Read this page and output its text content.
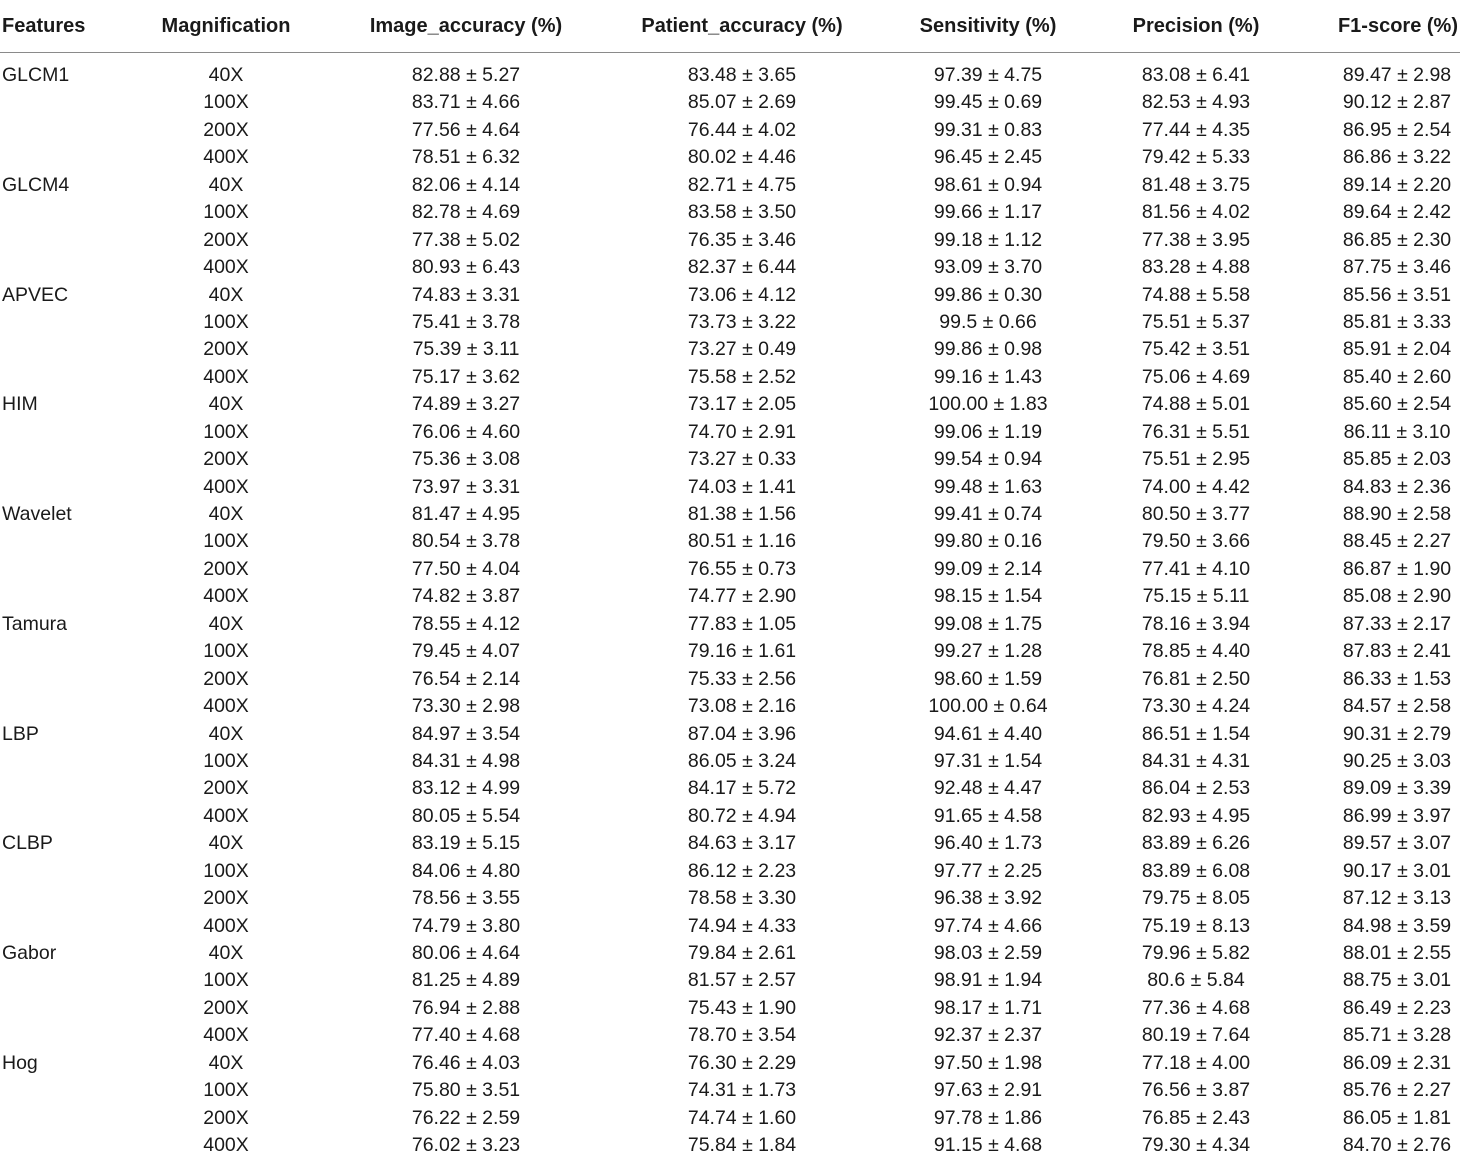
Features	Magnification	Image_accuracy (%)	Patient_accuracy (%)	Sensitivity (%)	Precision (%)	F1-score (%)
GLCM1	40X	82.88 ± 5.27	83.48 ± 3.65	97.39 ± 4.75	83.08 ± 6.41	89.47 ± 2.98
100X	83.71 ± 4.66	85.07 ± 2.69	99.45 ± 0.69	82.53 ± 4.93	90.12 ± 2.87
200X	77.56 ± 4.64	76.44 ± 4.02	99.31 ± 0.83	77.44 ± 4.35	86.95 ± 2.54
400X	78.51 ± 6.32	80.02 ± 4.46	96.45 ± 2.45	79.42 ± 5.33	86.86 ± 3.22
GLCM4	40X	82.06 ± 4.14	82.71 ± 4.75	98.61 ± 0.94	81.48 ± 3.75	89.14 ± 2.20
100X	82.78 ± 4.69	83.58 ± 3.50	99.66 ± 1.17	81.56 ± 4.02	89.64 ± 2.42
200X	77.38 ± 5.02	76.35 ± 3.46	99.18 ± 1.12	77.38 ± 3.95	86.85 ± 2.30
400X	80.93 ± 6.43	82.37 ± 6.44	93.09 ± 3.70	83.28 ± 4.88	87.75 ± 3.46
APVEC	40X	74.83 ± 3.31	73.06 ± 4.12	99.86 ± 0.30	74.88 ± 5.58	85.56 ± 3.51
100X	75.41 ± 3.78	73.73 ± 3.22	99.5 ± 0.66	75.51 ± 5.37	85.81 ± 3.33
200X	75.39 ± 3.11	73.27 ± 0.49	99.86 ± 0.98	75.42 ± 3.51	85.91 ± 2.04
400X	75.17 ± 3.62	75.58 ± 2.52	99.16 ± 1.43	75.06 ± 4.69	85.40 ± 2.60
HIM	40X	74.89 ± 3.27	73.17 ± 2.05	100.00 ± 1.83	74.88 ± 5.01	85.60 ± 2.54
100X	76.06 ± 4.60	74.70 ± 2.91	99.06 ± 1.19	76.31 ± 5.51	86.11 ± 3.10
200X	75.36 ± 3.08	73.27 ± 0.33	99.54 ± 0.94	75.51 ± 2.95	85.85 ± 2.03
400X	73.97 ± 3.31	74.03 ± 1.41	99.48 ± 1.63	74.00 ± 4.42	84.83 ± 2.36
Wavelet	40X	81.47 ± 4.95	81.38 ± 1.56	99.41 ± 0.74	80.50 ± 3.77	88.90 ± 2.58
100X	80.54 ± 3.78	80.51 ± 1.16	99.80 ± 0.16	79.50 ± 3.66	88.45 ± 2.27
200X	77.50 ± 4.04	76.55 ± 0.73	99.09 ± 2.14	77.41 ± 4.10	86.87 ± 1.90
400X	74.82 ± 3.87	74.77 ± 2.90	98.15 ± 1.54	75.15 ± 5.11	85.08 ± 2.90
Tamura	40X	78.55 ± 4.12	77.83 ± 1.05	99.08 ± 1.75	78.16 ± 3.94	87.33 ± 2.17
100X	79.45 ± 4.07	79.16 ± 1.61	99.27 ± 1.28	78.85 ± 4.40	87.83 ± 2.41
200X	76.54 ± 2.14	75.33 ± 2.56	98.60 ± 1.59	76.81 ± 2.50	86.33 ± 1.53
400X	73.30 ± 2.98	73.08 ± 2.16	100.00 ± 0.64	73.30 ± 4.24	84.57 ± 2.58
LBP	40X	84.97 ± 3.54	87.04 ± 3.96	94.61 ± 4.40	86.51 ± 1.54	90.31 ± 2.79
100X	84.31 ± 4.98	86.05 ± 3.24	97.31 ± 1.54	84.31 ± 4.31	90.25 ± 3.03
200X	83.12 ± 4.99	84.17 ± 5.72	92.48 ± 4.47	86.04 ± 2.53	89.09 ± 3.39
400X	80.05 ± 5.54	80.72 ± 4.94	91.65 ± 4.58	82.93 ± 4.95	86.99 ± 3.97
CLBP	40X	83.19 ± 5.15	84.63 ± 3.17	96.40 ± 1.73	83.89 ± 6.26	89.57 ± 3.07
100X	84.06 ± 4.80	86.12 ± 2.23	97.77 ± 2.25	83.89 ± 6.08	90.17 ± 3.01
200X	78.56 ± 3.55	78.58 ± 3.30	96.38 ± 3.92	79.75 ± 8.05	87.12 ± 3.13
400X	74.79 ± 3.80	74.94 ± 4.33	97.74 ± 4.66	75.19 ± 8.13	84.98 ± 3.59
Gabor	40X	80.06 ± 4.64	79.84 ± 2.61	98.03 ± 2.59	79.96 ± 5.82	88.01 ± 2.55
100X	81.25 ± 4.89	81.57 ± 2.57	98.91 ± 1.94	80.6 ± 5.84	88.75 ± 3.01
200X	76.94 ± 2.88	75.43 ± 1.90	98.17 ± 1.71	77.36 ± 4.68	86.49 ± 2.23
400X	77.40 ± 4.68	78.70 ± 3.54	92.37 ± 2.37	80.19 ± 7.64	85.71 ± 3.28
Hog	40X	76.46 ± 4.03	76.30 ± 2.29	97.50 ± 1.98	77.18 ± 4.00	86.09 ± 2.31
100X	75.80 ± 3.51	74.31 ± 1.73	97.63 ± 2.91	76.56 ± 3.87	85.76 ± 2.27
200X	76.22 ± 2.59	74.74 ± 1.60	97.78 ± 1.86	76.85 ± 2.43	86.05 ± 1.81
400X	76.02 ± 3.23	75.84 ± 1.84	91.15 ± 4.68	79.30 ± 4.34	84.70 ± 2.76
